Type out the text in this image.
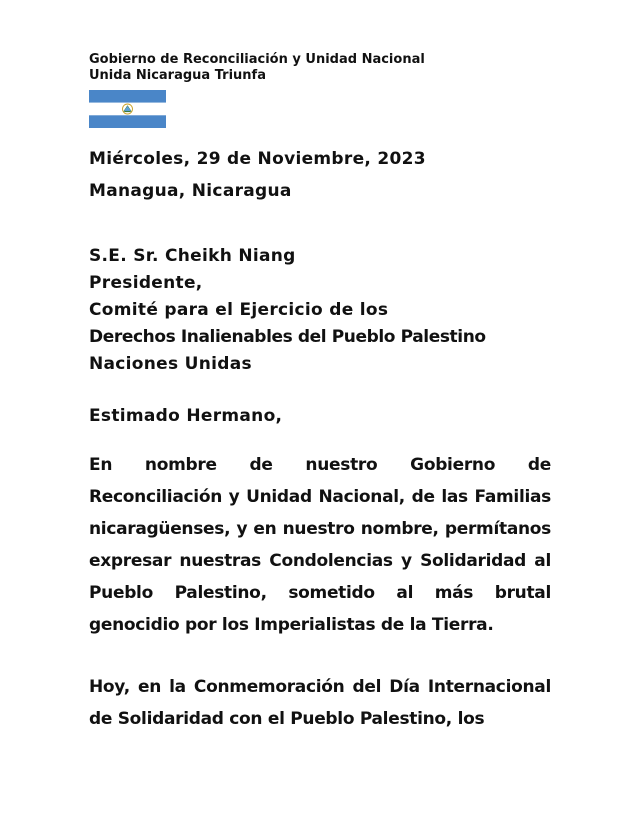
Gobierno de Reconciliación y Unidad Nacional

Unida Nicaragua Triunfa

Miércoles, 29 de Noviembre, 2023
Managua, Nicaragua
S.E. Sr. Cheikh Niang
Presidente,
Comité para el Ejercicio de los
Derechos Inalienables del Pueblo Palestino
Naciones Unidas
Estimado Hermano,
En nombre de nuestro Gobierno de Reconciliación y Unidad Nacional, de las Familias nicaragüenses, y en nuestro nombre, permítanos expresar nuestras Condolencias y Solidaridad al Pueblo Palestino, sometido al más brutal genocidio por los Imperialistas de la Tierra.
Hoy, en la Conmemoración del Día Internacional de Solidaridad con el Pueblo Palestino, los
